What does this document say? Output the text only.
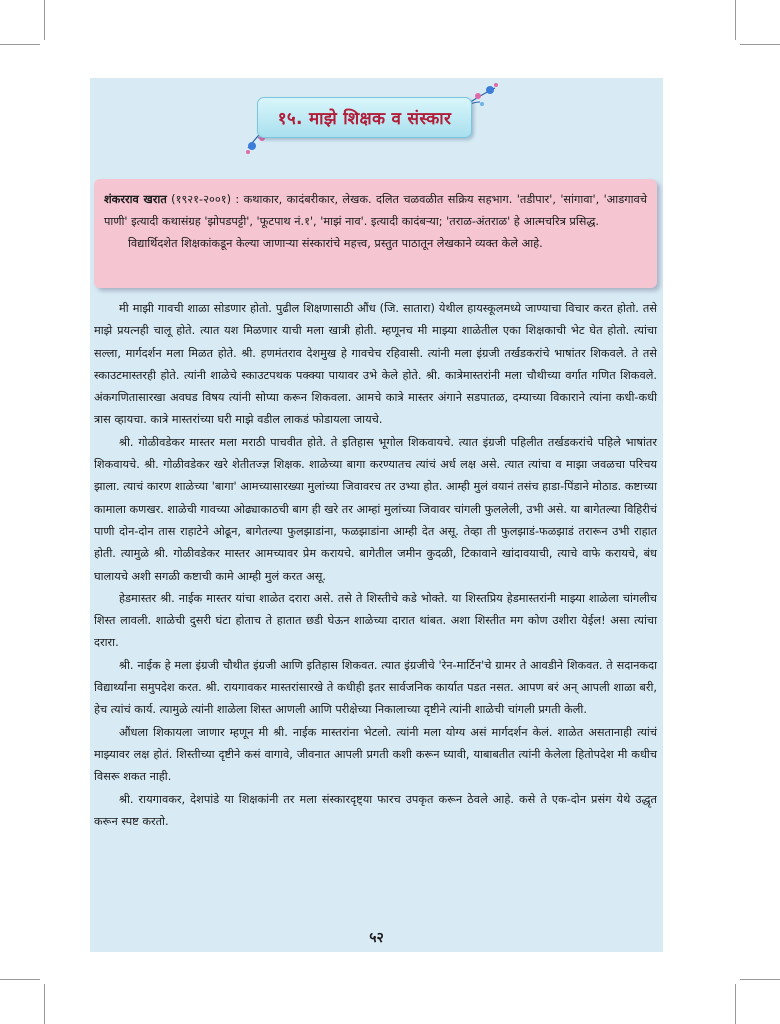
१५. माझे शिक्षक व संस्कार
शंकरराव खरात (१९२१-२००१) : कथाकार, कादंबरीकार, लेखक. दलित चळवळीत सक्रिय सहभाग. 'तडीपार', 'सांगावा', 'आडगावचे पाणी' इत्यादी कथासंग्रह 'झोपडपट्टी', 'फूटपाथ नं.१', 'माझं नाव'. इत्यादी कादंबऱ्या; 'तराळ-अंतराळ' हे आत्मचरित्र प्रसिद्ध.
विद्यार्थिदशेत शिक्षकांकडून केल्या जाणाऱ्या संस्कारांचे महत्त्व, प्रस्तुत पाठातून लेखकाने व्यक्त केले आहे.

मी माझी गावची शाळा सोडणार होतो. पुढील शिक्षणासाठी औंध (जि. सातारा) येथील हायस्कूलमध्ये जाण्याचा विचार करत होतो. तसे माझे प्रयत्नही चालू होते. त्यात यश मिळणार याची मला खात्री होती. म्हणूनच मी माझ्या शाळेतील एका शिक्षकाची भेट घेत होतो. त्यांचा सल्ला, मार्गदर्शन मला मिळत होते. श्री. हणमंतराव देशमुख हे गावचेच रहिवासी. त्यांनी मला इंग्रजी तर्खडकरांचे भाषांतर शिकवले. ते तसे स्काउटमास्तरही होते. त्यांनी शाळेचे स्काउटपथक पक्क्या पायावर उभे केले होते. श्री. कात्रेमास्तरांनी मला चौथीच्या वर्गात गणित शिकवले. अंकगणितासारखा अवघड विषय त्यांनी सोप्या करून शिकवला. आमचे कात्रे मास्तर अंगाने सडपातळ, दम्याच्या विकाराने त्यांना कधी-कधी त्रास व्हायचा. कात्रे मास्तरांच्या घरी माझे वडील लाकडं फोडायला जायचे.

श्री. गोळीवडेकर मास्तर मला मराठी पाचवीत होते. ते इतिहास भूगोल शिकवायचे. त्यात इंग्रजी पहिलीत तर्खडकरांचे पहिले भाषांतर शिकवायचे. श्री. गोळीवडेकर खरे शेतीतज्ज्ञ शिक्षक. शाळेच्या बागा करण्यातच त्यांचं अर्ध लक्ष असे. त्यात त्यांचा व माझा जवळचा परिचय झाला. त्याचं कारण शाळेच्या 'बागा' आमच्यासारख्या मुलांच्या जिवावरच तर उभ्या होत. आम्ही मुलं वयानं तसंच हाडा-पिंडाने मोठाड. कष्टाच्या कामाला कणखर. शाळेची गावच्या ओढ्याकाठची बाग ही खरे तर आम्हां मुलांच्या जिवावर चांगली फुललेली, उभी असे. या बागेतल्या विहिरीचं पाणी दोन-दोन तास राहाटेने ओढून, बागेतल्या फुलझाडांना, फळझाडांना आम्ही देत असू. तेव्हा ती फुलझाडं-फळझाडं तरारून उभी राहात होती. त्यामुळे श्री. गोळीवडेकर मास्तर आमच्यावर प्रेम करायचे. बागेतील जमीन कुदळी, टिकावाने खांदावयाची, त्याचे वाफे करायचे, बंध घालायचे अशी सगळी कष्टाची कामे आम्ही मुलं करत असू.

हेडमास्तर श्री. नाईक मास्तर यांचा शाळेत दरारा असे. तसे ते शिस्तीचे कडे भोक्ते. या शिस्तप्रिय हेडमास्तरांनी माझ्या शाळेला चांगलीच शिस्त लावली. शाळेची दुसरी घंटा होताच ते हातात छडी घेऊन शाळेच्या दारात थांबत. अशा शिस्तीत मग कोण उशीरा येईल! असा त्यांचा दरारा.

श्री. नाईक हे मला इंग्रजी चौथीत इंग्रजी आणि इतिहास शिकवत. त्यात इंग्रजीचे 'रेन-मार्टिन'चे ग्रामर ते आवडीने शिकवत. ते सदानकदा विद्यार्थ्यांना समुपदेश करत. श्री. रायगावकर मास्तरांसारखे ते कधीही इतर सार्वजनिक कार्यात पडत नसत. आपण बरं अन् आपली शाळा बरी, हेच त्यांचं कार्य. त्यामुळे त्यांनी शाळेला शिस्त आणली आणि परीक्षेच्या निकालाच्या दृष्टीने त्यांनी शाळेची चांगली प्रगती केली.

औंधला शिकायला जाणार म्हणून मी श्री. नाईक मास्तरांना भेटलो. त्यांनी मला योग्य असं मार्गदर्शन केलं. शाळेत असतानाही त्यांचं माझ्यावर लक्ष होतं. शिस्तीच्या दृष्टीने कसं वागावे, जीवनात आपली प्रगती कशी करून घ्यावी, याबाबतीत त्यांनी केलेला हितोपदेश मी कधीच विसरू शकत नाही.

श्री. रायगावकर, देशपांडे या शिक्षकांनी तर मला संस्कारदृष्ट्या फारच उपकृत करून ठेवले आहे. कसे ते एक-दोन प्रसंग येथे उद्धृत करून स्पष्ट करतो.

५२
